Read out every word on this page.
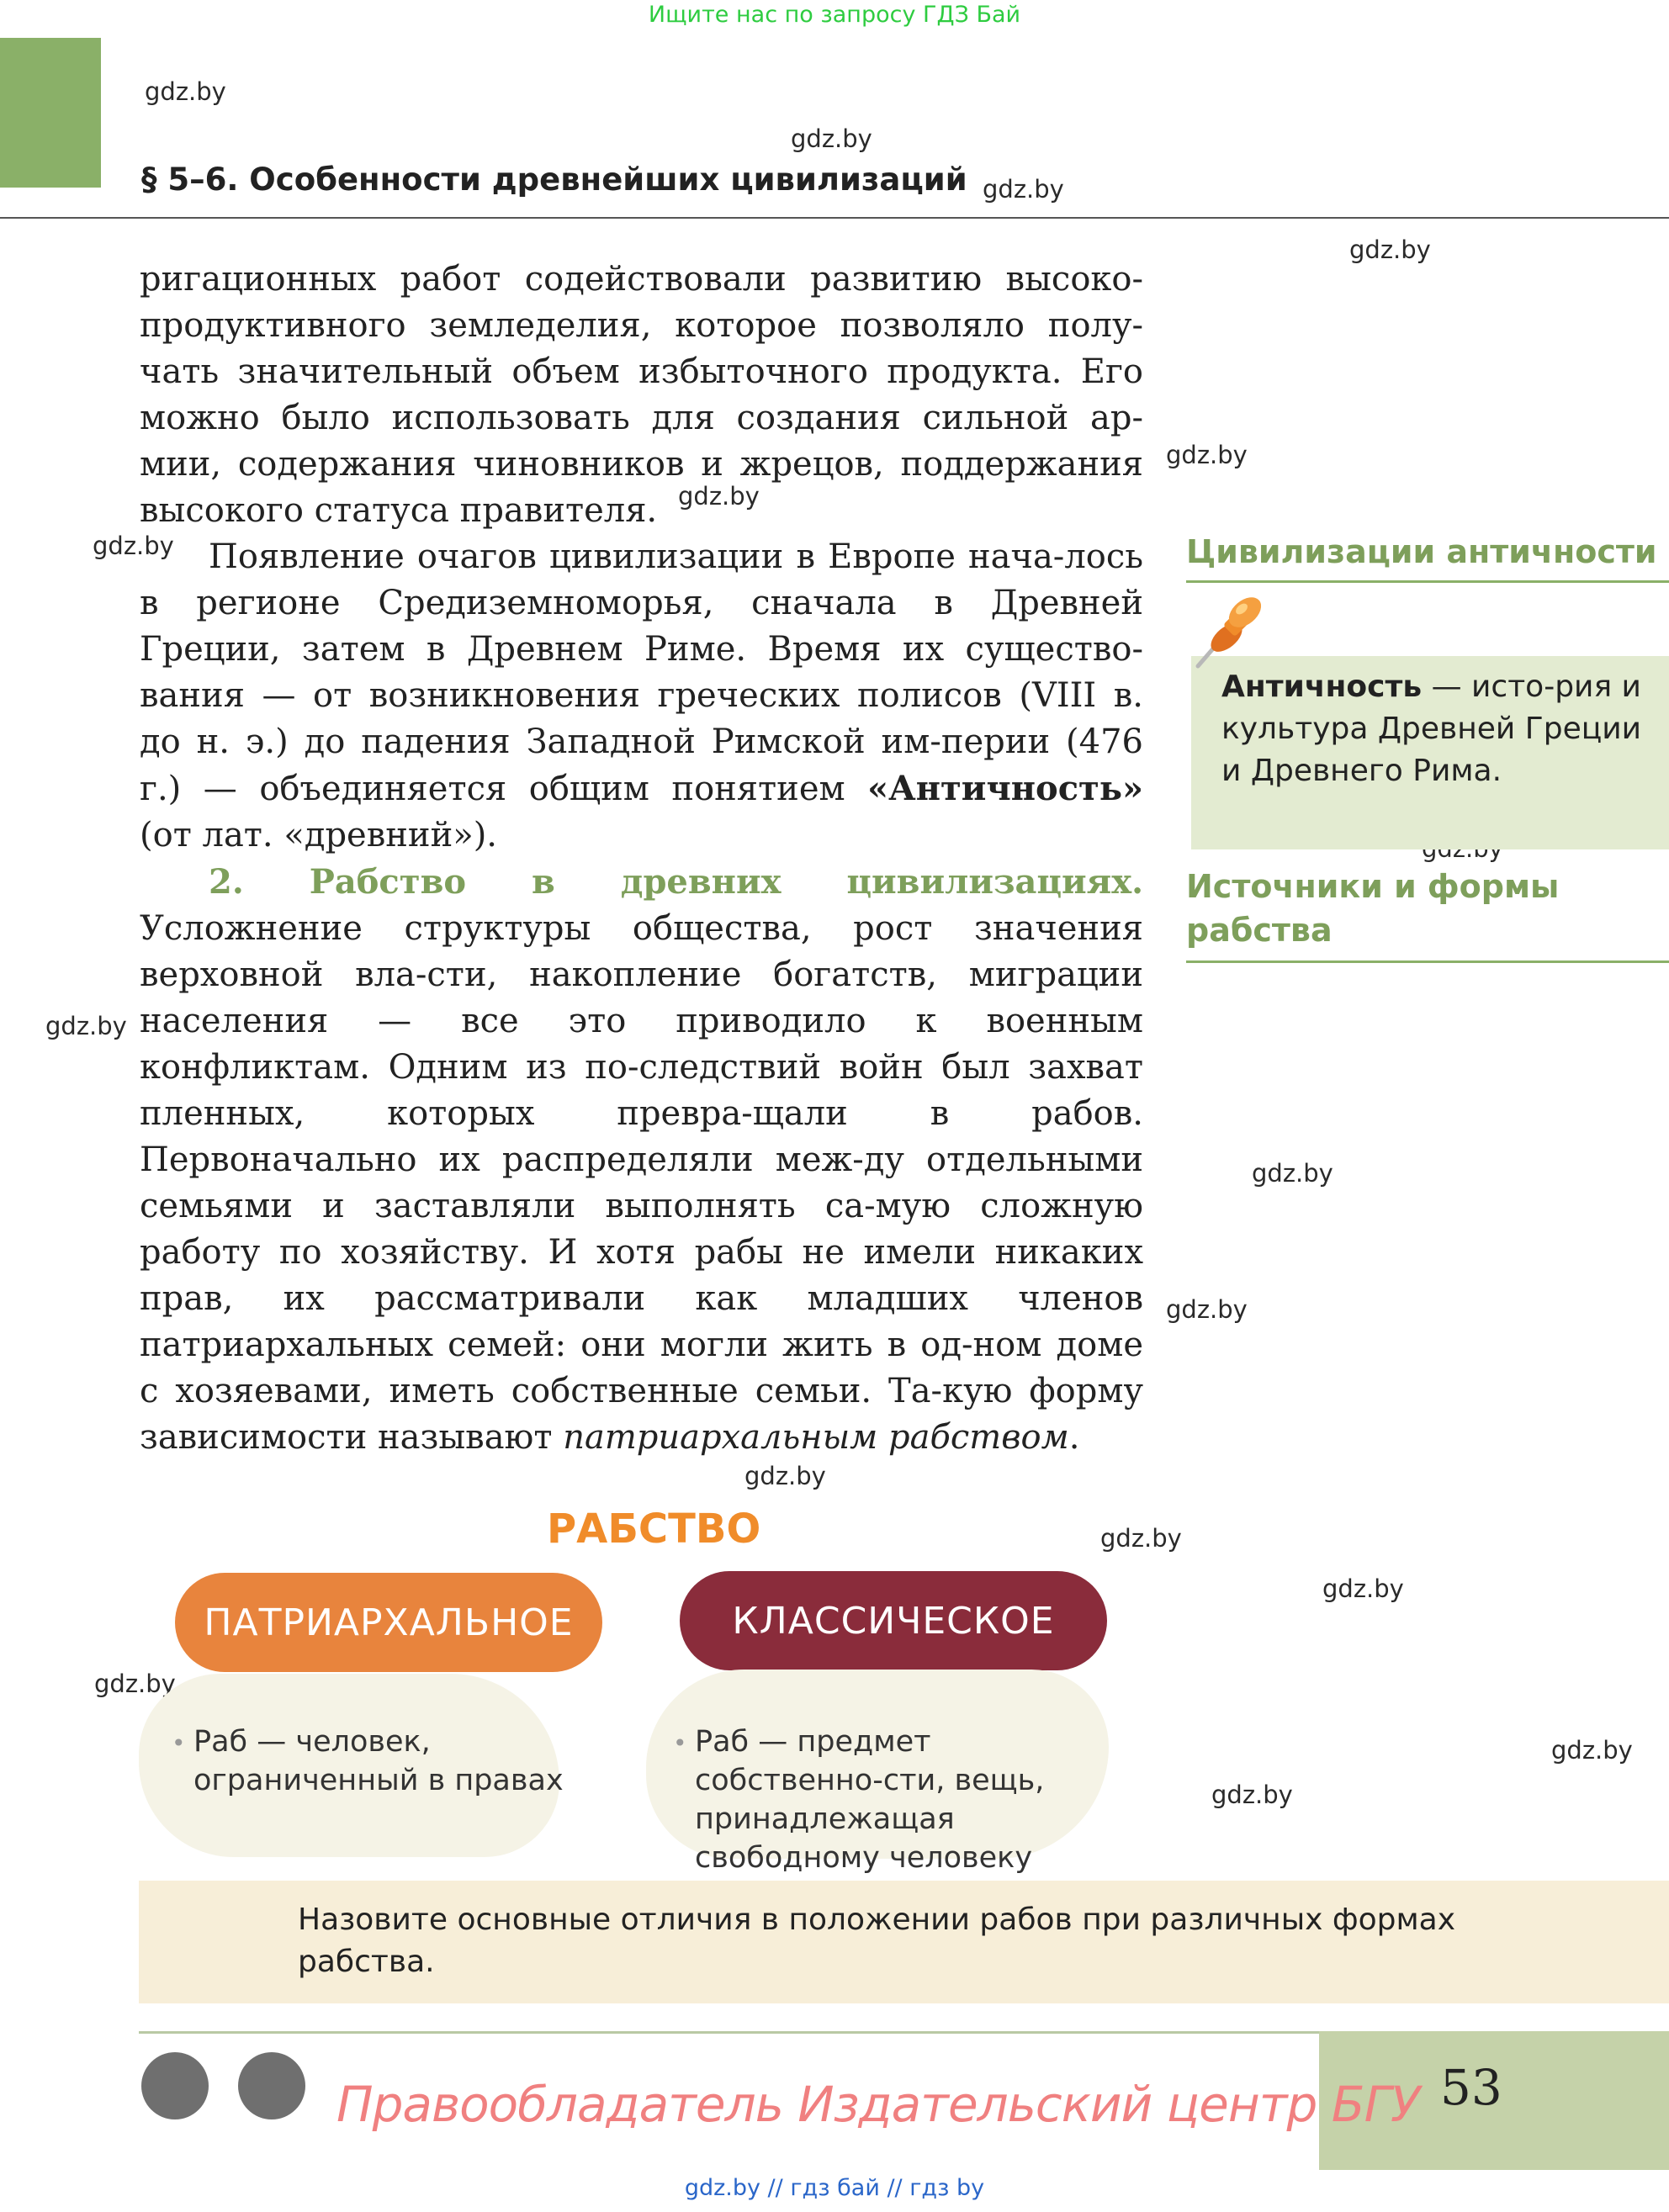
Ищите нас по запросу ГДЗ Бай
§ 5–6. Особенности древнейших цивилизаций
gdz.by
gdz.by
gdz.by
gdz.by
gdz.by
gdz.by
gdz.by
gdz.by
gdz.by
gdz.by
gdz.by
gdz.by
gdz.by
gdz.by
gdz.by
gdz.by

ригационных работ содействовали развитию высоко-продуктивного земледелия, которое позволяло полу-чать значительный объем избыточного продукта. Его можно было использовать для создания сильной ар-мии, содержания чиновников и жрецов, поддержания высокого статуса правителя.

Появление очагов цивилизации в Европе нача-лось в регионе Средиземноморья, сначала в Древней Греции, затем в Древнем Риме. Время их существо-вания — от возникновения греческих полисов (VIII в. до н. э.) до падения Западной Римской им-перии (476 г.) — объединяется общим понятием «Античность» (от лат. «древний»).

2. Рабство в древних цивилизациях. Усложнение структуры общества, рост значения верховной вла-сти, накопление богатств, миграции населения — все это приводило к военным конфликтам. Одним из по-следствий войн был захват пленных, которых превра-щали в рабов. Первоначально их распределяли меж-ду отдельными семьями и заставляли выполнять са-мую сложную работу по хозяйству. И хотя рабы не имели никаких прав, их рассматривали как младших членов патриархальных семей: они могли жить в од-ном доме с хозяевами, иметь собственные семьи. Та-кую форму зависимости называют патриархальным рабством.

Цивилизации античности
Античность — исто-рия и культура Древней Греции и Древнего Рима.
Источники и формы рабства
РАБСТВО
ПАТРИАРХАЛЬНОЕ	КЛАССИЧЕСКОЕ
• Раб — человек, ограниченный в правах
• Раб — предмет собственно-сти, вещь, принадлежащая свободному человеку
Назовите основные отличия в положении рабов при различных формах рабства.
53
Правообладатель Издательский центр БГУ
gdz.by // гдз бай // гдз by
